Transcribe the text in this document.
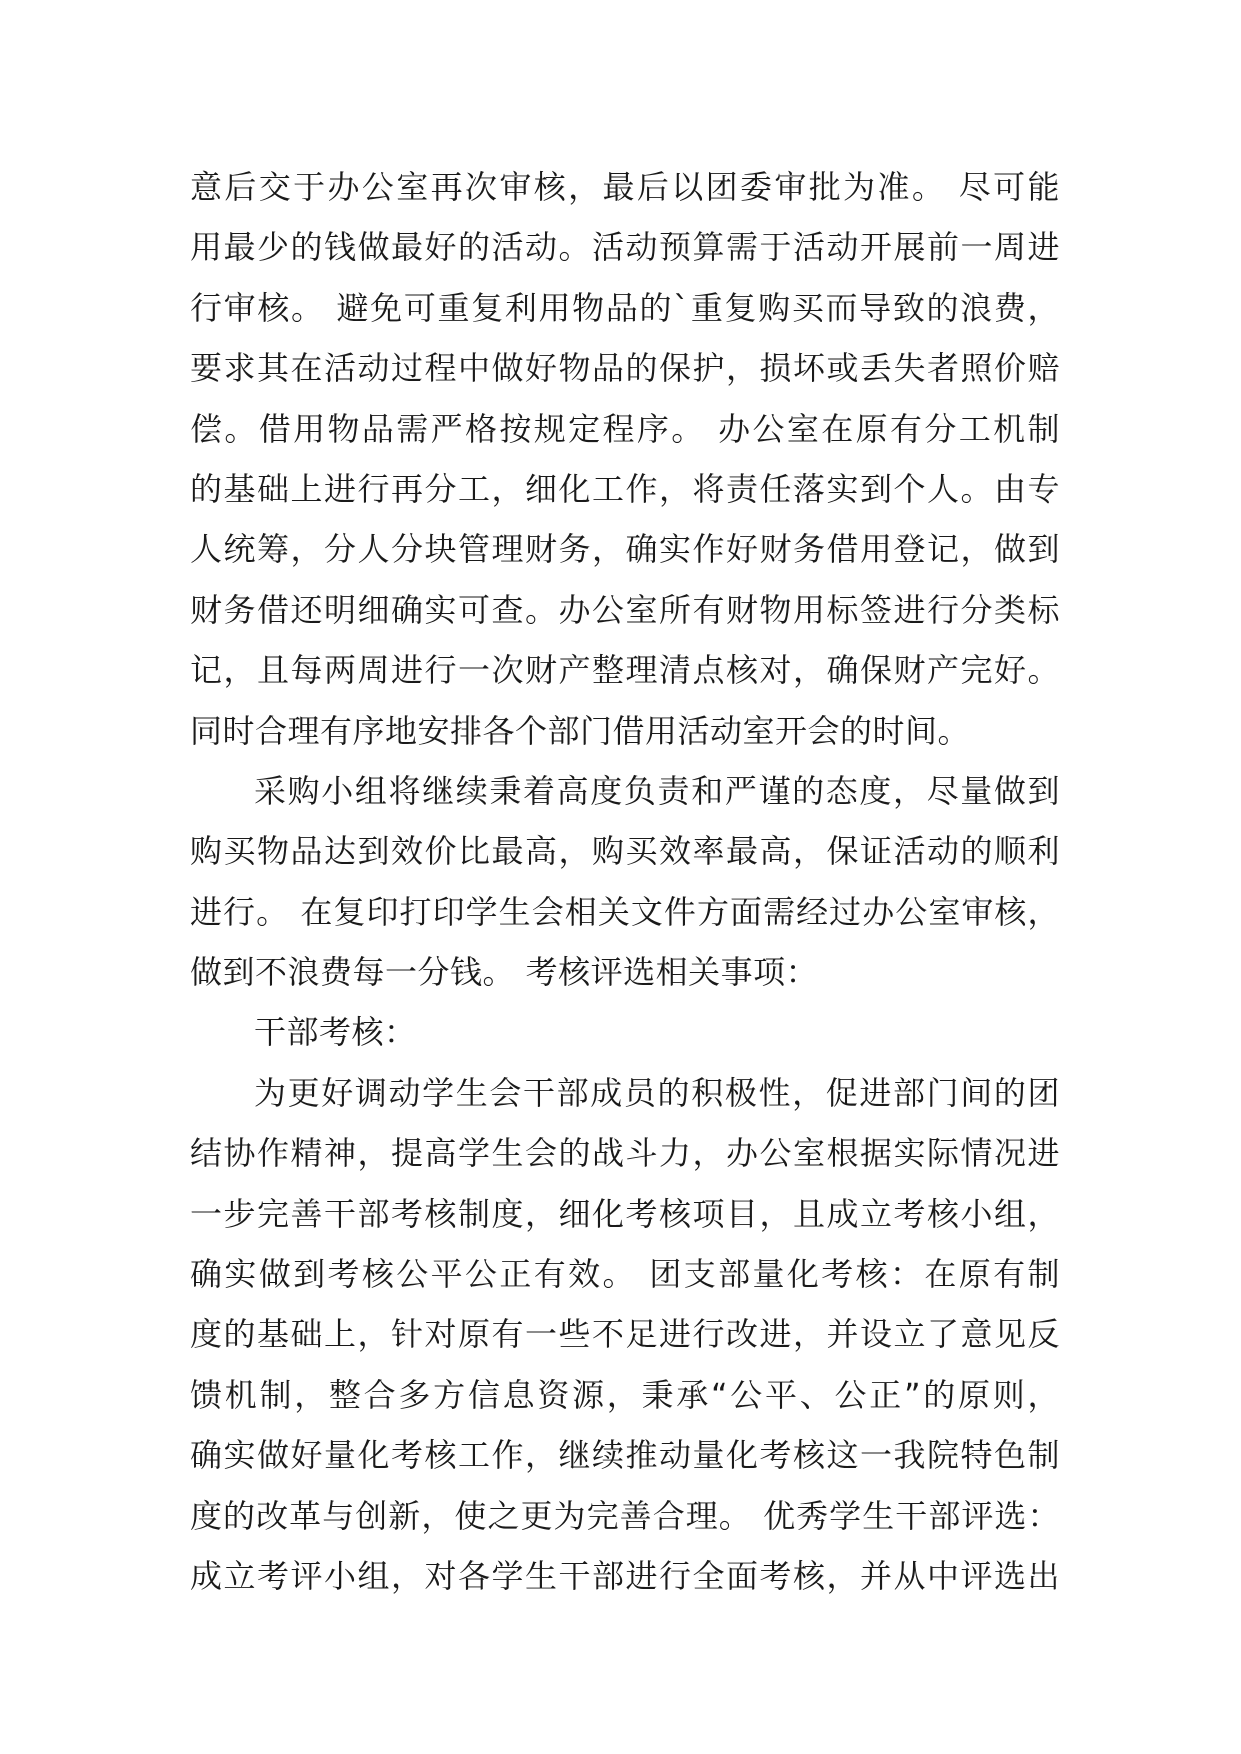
意后交于办公室再次审核，最后以团委审批为准。 尽可能
用最少的钱做最好的活动。活动预算需于活动开展前一周进
行审核。 避免可重复利用物品的`重复购买而导致的浪费，
要求其在活动过程中做好物品的保护，损坏或丢失者照价赔
偿。借用物品需严格按规定程序。 办公室在原有分工机制
的基础上进行再分工，细化工作，将责任落实到个人。由专
人统筹，分人分块管理财务，确实作好财务借用登记，做到
财务借还明细确实可查。办公室所有财物用标签进行分类标
记，且每两周进行一次财产整理清点核对，确保财产完好。
同时合理有序地安排各个部门借用活动室开会的时间。
采购小组将继续秉着高度负责和严谨的态度，尽量做到
购买物品达到效价比最高，购买效率最高，保证活动的顺利
进行。 在复印打印学生会相关文件方面需经过办公室审核，
做到不浪费每一分钱。 考核评选相关事项：
干部考核：
为更好调动学生会干部成员的积极性，促进部门间的团
结协作精神，提高学生会的战斗力，办公室根据实际情况进
一步完善干部考核制度，细化考核项目，且成立考核小组，
确实做到考核公平公正有效。 团支部量化考核：在原有制
度的基础上，针对原有一些不足进行改进，并设立了意见反
馈机制，整合多方信息资源，秉承“公平、公正”的原则，
确实做好量化考核工作，继续推动量化考核这一我院特色制
度的改革与创新，使之更为完善合理。 优秀学生干部评选：
成立考评小组，对各学生干部进行全面考核，并从中评选出
